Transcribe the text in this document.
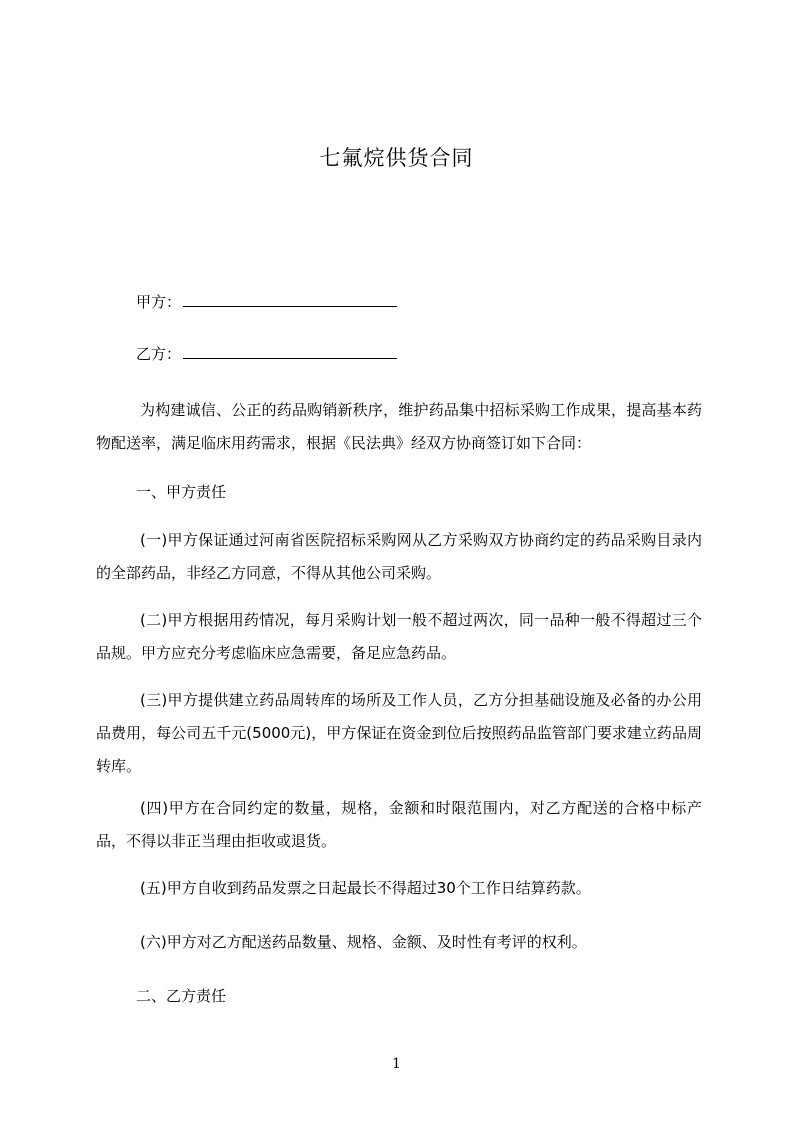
七氟烷供货合同
甲方：
乙方：
为构建诚信、公正的药品购销新秩序，维护药品集中招标采购工作成果，提高基本药物配送率，满足临床用药需求，根据《民法典》经双方协商签订如下合同：
一、甲方责任
(一)甲方保证通过河南省医院招标采购网从乙方采购双方协商约定的药品采购目录内的全部药品，非经乙方同意，不得从其他公司采购。
(二)甲方根据用药情况，每月采购计划一般不超过两次，同一品种一般不得超过三个品规。甲方应充分考虑临床应急需要，备足应急药品。
(三)甲方提供建立药品周转库的场所及工作人员，乙方分担基础设施及必备的办公用品费用，每公司五千元(5000元)，甲方保证在资金到位后按照药品监管部门要求建立药品周转库。
(四)甲方在合同约定的数量，规格，金额和时限范围内，对乙方配送的合格中标产品，不得以非正当理由拒收或退货。
(五)甲方自收到药品发票之日起最长不得超过30个工作日结算药款。
(六)甲方对乙方配送药品数量、规格、金额、及时性有考评的权利。
二、乙方责任
1
